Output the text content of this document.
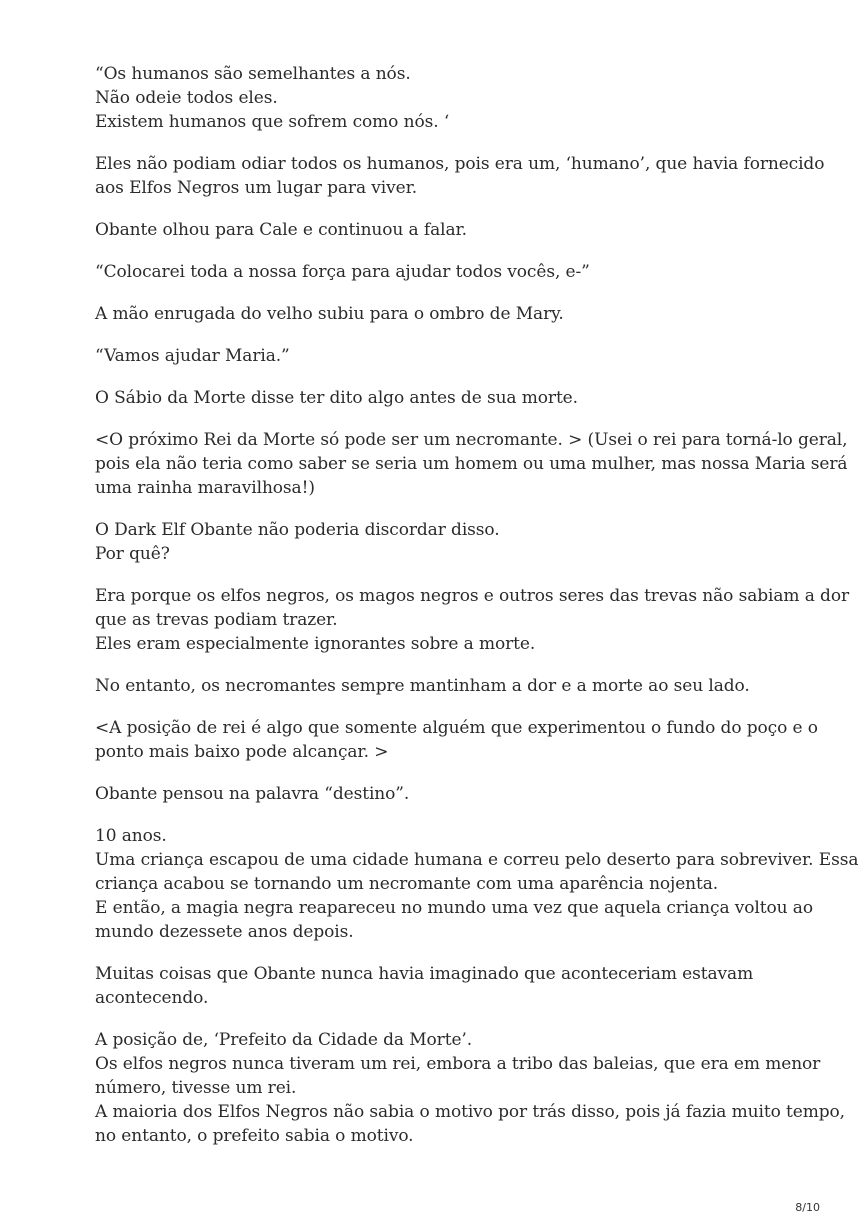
“Os humanos são semelhantes a nós.
Não odeie todos eles.
Existem humanos que sofrem como nós. ‘

Eles não podiam odiar todos os humanos, pois era um, ‘humano’, que havia fornecido
aos Elfos Negros um lugar para viver.

Obante olhou para Cale e continuou a falar.

“Colocarei toda a nossa força para ajudar todos vocês, e-”

A mão enrugada do velho subiu para o ombro de Mary.

“Vamos ajudar Maria.”

O Sábio da Morte disse ter dito algo antes de sua morte.

<O próximo Rei da Morte só pode ser um necromante. > (Usei o rei para torná-lo geral,
pois ela não teria como saber se seria um homem ou uma mulher, mas nossa Maria será
uma rainha maravilhosa!)

O Dark Elf Obante não poderia discordar disso.
Por quê?

Era porque os elfos negros, os magos negros e outros seres das trevas não sabiam a dor
que as trevas podiam trazer.
Eles eram especialmente ignorantes sobre a morte.

No entanto, os necromantes sempre mantinham a dor e a morte ao seu lado.

<A posição de rei é algo que somente alguém que experimentou o fundo do poço e o
ponto mais baixo pode alcançar. >

Obante pensou na palavra “destino”.

10 anos.
Uma criança escapou de uma cidade humana e correu pelo deserto para sobreviver. Essa
criança acabou se tornando um necromante com uma aparência nojenta.
E então, a magia negra reapareceu no mundo uma vez que aquela criança voltou ao
mundo dezessete anos depois.

Muitas coisas que Obante nunca havia imaginado que aconteceriam estavam
acontecendo.

A posição de, ‘Prefeito da Cidade da Morte’.
Os elfos negros nunca tiveram um rei, embora a tribo das baleias, que era em menor
número, tivesse um rei.
A maioria dos Elfos Negros não sabia o motivo por trás disso, pois já fazia muito tempo,
no entanto, o prefeito sabia o motivo.

8/10
